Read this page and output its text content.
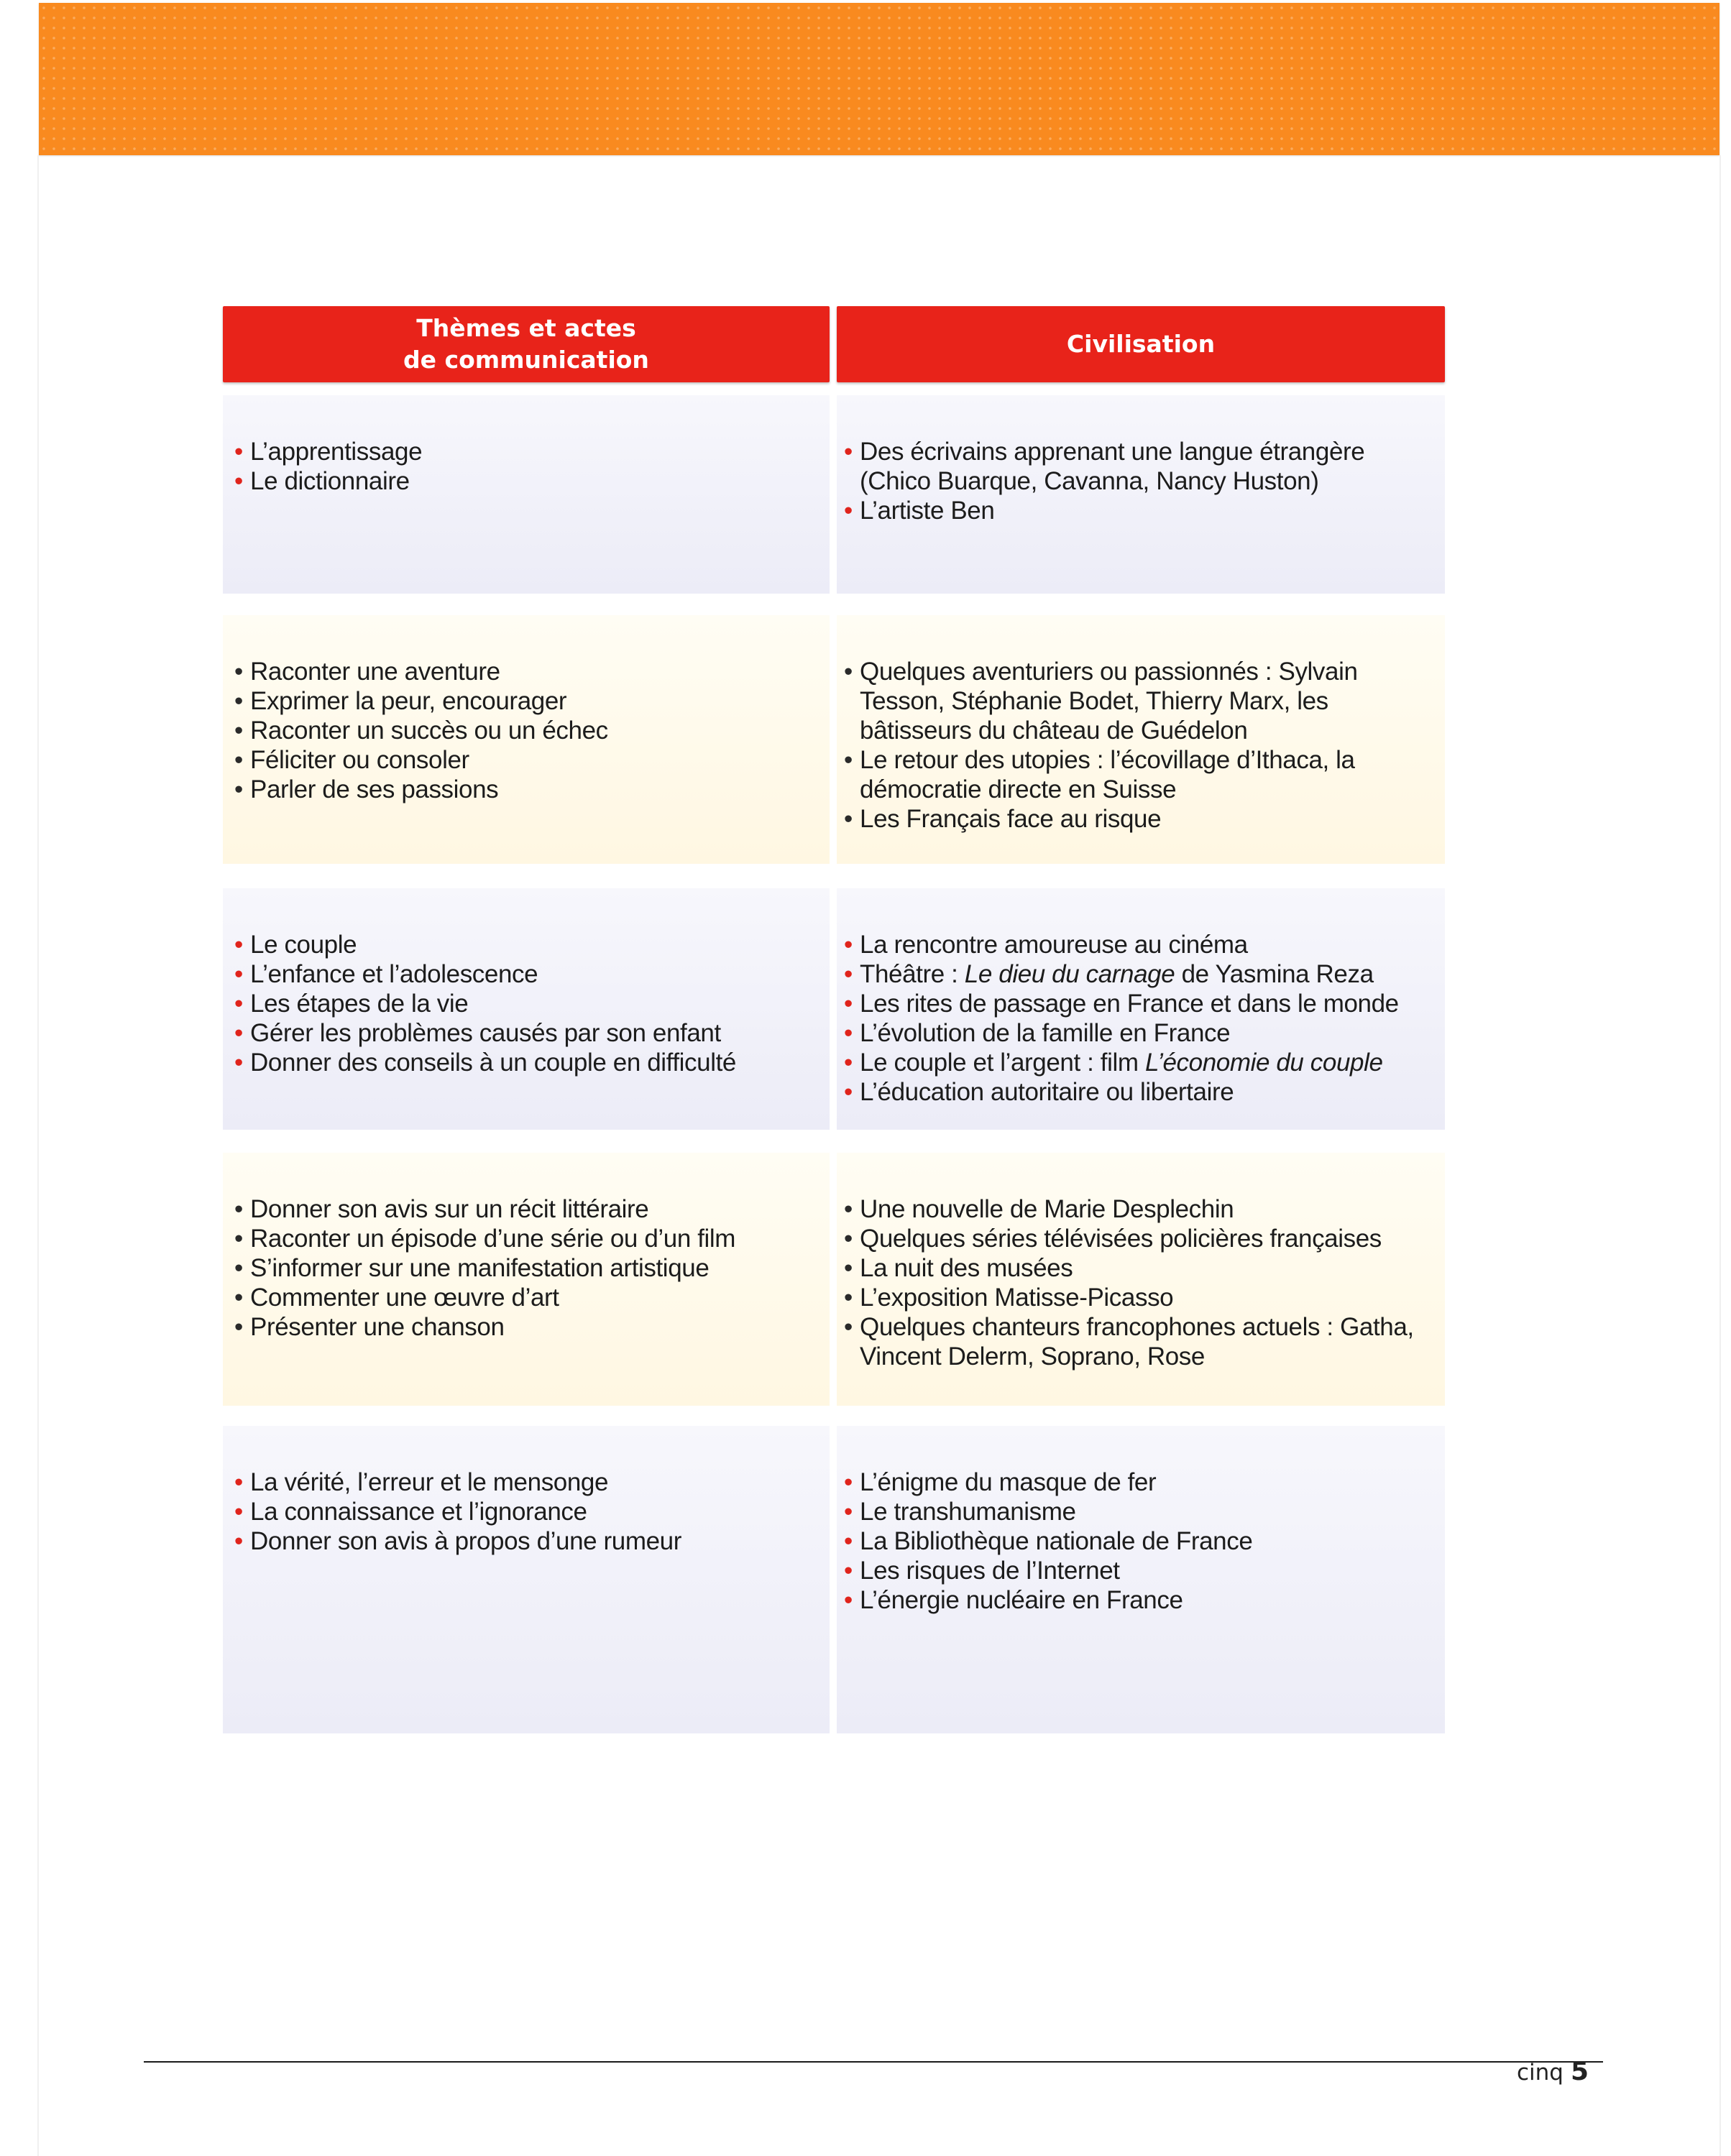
Thèmes et actes
de communication
Civilisation
• L’apprentissage
• Le dictionnaire
• Des écrivains apprenant une langue étrangère (Chico Buarque, Cavanna, Nancy Huston)
• L’artiste Ben
• Raconter une aventure
• Exprimer la peur, encourager
• Raconter un succès ou un échec
• Féliciter ou consoler
• Parler de ses passions
• Quelques aventuriers ou passionnés : Sylvain Tesson, Stéphanie Bodet, Thierry Marx, les bâtisseurs du château de Guédelon
• Le retour des utopies : l’écovillage d’Ithaca, la démocratie directe en Suisse
• Les Français face au risque
• Le couple
• L’enfance et l’adolescence
• Les étapes de la vie
• Gérer les problèmes causés par son enfant
• Donner des conseils à un couple en difficulté
• La rencontre amoureuse au cinéma
• Théâtre : Le dieu du carnage de Yasmina Reza
• Les rites de passage en France et dans le monde
• L’évolution de la famille en France
• Le couple et l’argent : film L’économie du couple
• L’éducation autoritaire ou libertaire
• Donner son avis sur un récit littéraire
• Raconter un épisode d’une série ou d’un film
• S’informer sur une manifestation artistique
• Commenter une œuvre d’art
• Présenter une chanson
• Une nouvelle de Marie Desplechin
• Quelques séries télévisées policières françaises
• La nuit des musées
• L’exposition Matisse-Picasso
• Quelques chanteurs francophones actuels : Gatha, Vincent Delerm, Soprano, Rose
• La vérité, l’erreur et le mensonge
• La connaissance et l’ignorance
• Donner son avis à propos d’une rumeur
• L’énigme du masque de fer
• Le transhumanisme
• La Bibliothèque nationale de France
• Les risques de l’Internet
• L’énergie nucléaire en France
cinq 5
